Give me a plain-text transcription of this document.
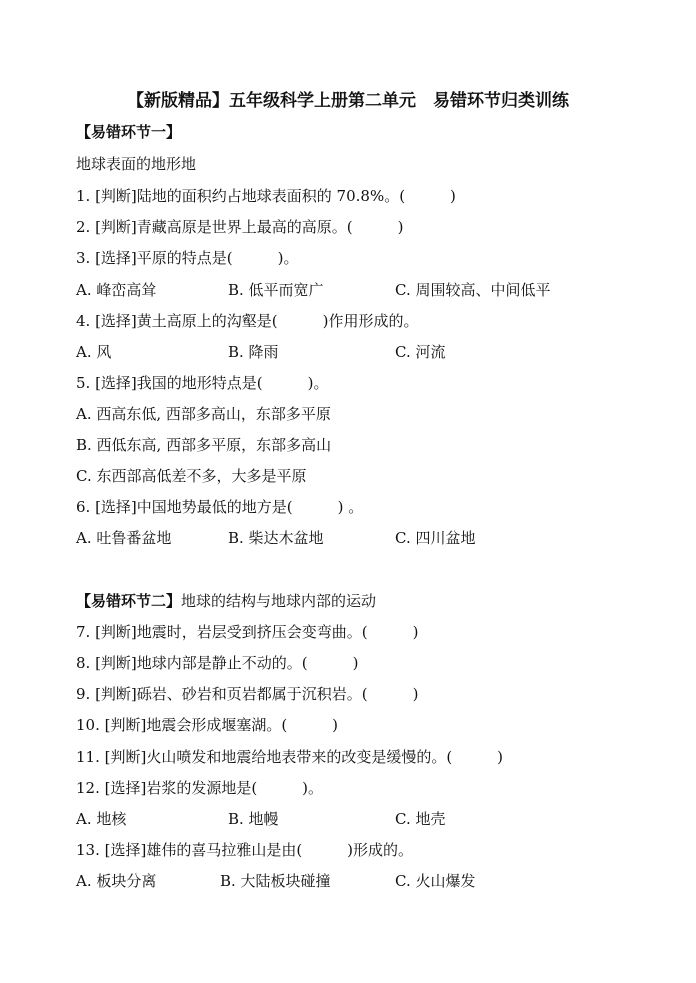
【新版精品】五年级科学上册第二单元　易错环节归类训练
【易错环节一】
地球表面的地形地
1. [判断]陆地的面积约占地球表面积的 70.8%。(　　　)
2. [判断]青藏高原是世界上最高的高原。(　　　)
3. [选择]平原的特点是(　　　)。
A. 峰峦高耸	B. 低平而宽广	C. 周围较高、中间低平
4. [选择]黄土高原上的沟壑是(　　　)作用形成的。
A. 风	B. 降雨	C. 河流
5. [选择]我国的地形特点是(　　　)。
A. 西高东低, 西部多高山，东部多平原
B. 西低东高, 西部多平原，东部多高山
C. 东西部高低差不多，大多是平原
6. [选择]中国地势最低的地方是(　　　) 。
A. 吐鲁番盆地	B. 柴达木盆地	C. 四川盆地
【易错环节二】地球的结构与地球内部的运动
7. [判断]地震时，岩层受到挤压会变弯曲。(　　　)
8. [判断]地球内部是静止不动的。(　　　)
9. [判断]砾岩、砂岩和页岩都属于沉积岩。(　　　)
10. [判断]地震会形成堰塞湖。(　　　)
11. [判断]火山喷发和地震给地表带来的改变是缓慢的。(　　　)
12. [选择]岩浆的发源地是(　　　)。
A. 地核	B. 地幔	C. 地壳
13. [选择]雄伟的喜马拉雅山是由(　　　)形成的。
A. 板块分离	B. 大陆板块碰撞	C. 火山爆发
